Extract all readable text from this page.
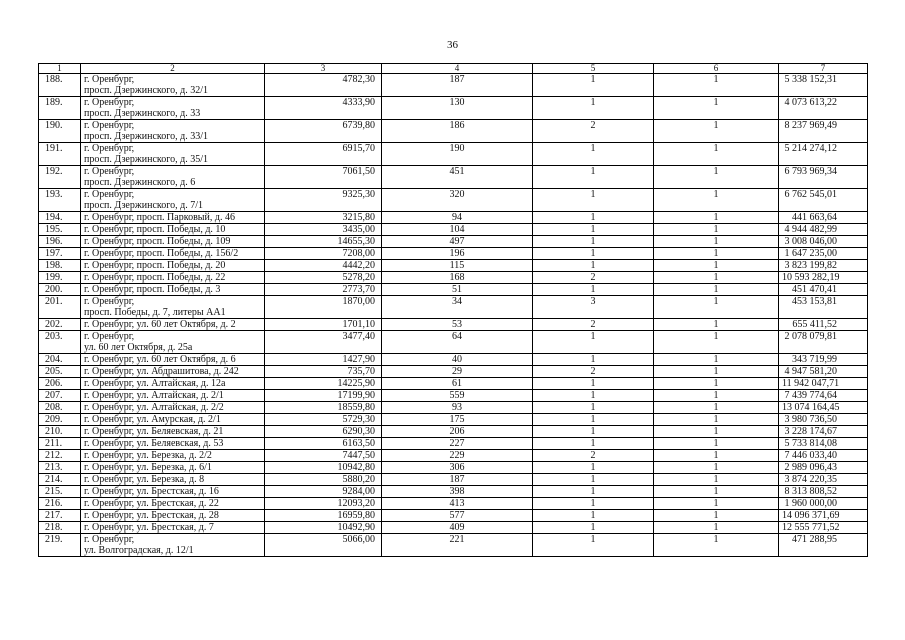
36
1	2	3	4	5	6	7
188.	г. Оренбург,
просп. Дзержинского, д. 32/1	4782,30	187	1	1	5 338 152,31
189.	г. Оренбург,
просп. Дзержинского, д. 33	4333,90	130	1	1	4 073 613,22
190.	г. Оренбург,
просп. Дзержинского, д. 33/1	6739,80	186	2	1	8 237 969,49
191.	г. Оренбург,
просп. Дзержинского, д. 35/1	6915,70	190	1	1	5 214 274,12
192.	г. Оренбург,
просп. Дзержинского, д. 6	7061,50	451	1	1	6 793 969,34
193.	г. Оренбург,
просп. Дзержинского, д. 7/1	9325,30	320	1	1	6 762 545,01
194.	г. Оренбург, просп. Парковый, д. 46	3215,80	94	1	1	441 663,64
195.	г. Оренбург, просп. Победы, д. 10	3435,00	104	1	1	4 944 482,99
196.	г. Оренбург, просп. Победы, д. 109	14655,30	497	1	1	3 008 046,00
197.	г. Оренбург, просп. Победы, д. 156/2	7208,00	196	1	1	1 647 235,00
198.	г. Оренбург, просп. Победы, д. 20	4442,20	115	1	1	3 823 199,82
199.	г. Оренбург, просп. Победы, д. 22	5278,20	168	2	1	10 593 282,19
200.	г. Оренбург, просп. Победы, д. 3	2773,70	51	1	1	451 470,41
201.	г. Оренбург,
просп. Победы, д. 7, литеры АА1	1870,00	34	3	1	453 153,81
202.	г. Оренбург, ул. 60 лет Октября, д. 2	1701,10	53	2	1	655 411,52
203.	г. Оренбург,
ул. 60 лет Октября, д. 25а	3477,40	64	1	1	2 078 079,81
204.	г. Оренбург, ул. 60 лет Октября, д. 6	1427,90	40	1	1	343 719,99
205.	г. Оренбург, ул. Абдрашитова, д. 242	735,70	29	2	1	4 947 581,20
206.	г. Оренбург, ул. Алтайская, д. 12а	14225,90	61	1	1	11 942 047,71
207.	г. Оренбург, ул. Алтайская, д. 2/1	17199,90	559	1	1	7 439 774,64
208.	г. Оренбург, ул. Алтайская, д. 2/2	18559,80	93	1	1	13 074 164,45
209.	г. Оренбург, ул. Амурская, д. 2/1	5729,30	175	1	1	3 980 736,50
210.	г. Оренбург, ул. Беляевская, д. 21	6290,30	206	1	1	3 228 174,67
211.	г. Оренбург, ул. Беляевская, д. 53	6163,50	227	1	1	5 733 814,08
212.	г. Оренбург, ул. Березка, д. 2/2	7447,50	229	2	1	7 446 033,40
213.	г. Оренбург, ул. Березка, д. 6/1	10942,80	306	1	1	2 989 096,43
214.	г. Оренбург, ул. Березка, д. 8	5880,20	187	1	1	3 874 220,35
215.	г. Оренбург, ул. Брестская, д. 16	9284,00	398	1	1	8 313 808,52
216.	г. Оренбург, ул. Брестская, д. 22	12093,20	413	1	1	1 960 000,00
217.	г. Оренбург, ул. Брестская, д. 28	16959,80	577	1	1	14 096 371,69
218.	г. Оренбург, ул. Брестская, д. 7	10492,90	409	1	1	12 555 771,52
219.	г. Оренбург,
ул. Волгоградская, д. 12/1	5066,00	221	1	1	471 288,95
